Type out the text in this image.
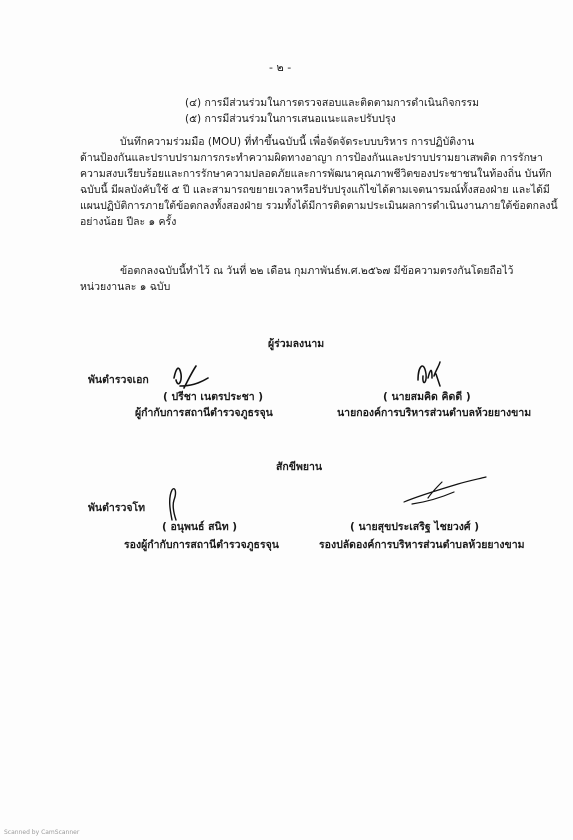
- ๒ -
(๔) การมีส่วนร่วมในการตรวจสอบและติดตามการดำเนินกิจกรรม
(๕) การมีส่วนร่วมในการเสนอแนะและปรับปรุง
บันทึกความร่วมมือ (MOU) ที่ทำขึ้นฉบับนี้ เพื่อจัดจัดระบบบริหาร การปฏิบัติงาน
ด้านป้องกันและปราบปรามการกระทำความผิดทางอาญา การป้องกันและปราบปรามยาเสพติด การรักษา
ความสงบเรียบร้อยและการรักษาความปลอดภัยและการพัฒนาคุณภาพชีวิตของประชาชนในท้องถิ่น บันทึก
ฉบับนี้ มีผลบังคับใช้ ๕ ปี และสามารถขยายเวลาหรือปรับปรุงแก้ไขได้ตามเจตนารมณ์ทั้งสองฝ่าย และได้มี
แผนปฏิบัติการภายใต้ข้อตกลงทั้งสองฝ่าย รวมทั้งได้มีการติดตามประเมินผลการดำเนินงานภายใต้ข้อตกลงนี้
อย่างน้อย ปีละ ๑ ครั้ง
ข้อตกลงฉบับนี้ทำไว้ ณ วันที่ ๒๒ เดือน กุมภาพันธ์พ.ศ.๒๕๖๗ มีข้อความตรงกันโดยถือไว้
หน่วยงานละ ๑ ฉบับ
ผู้ร่วมลงนาม
พันตำรวจเอก
( ปรีชา เนตรประชา )
ผู้กำกับการสถานีตำรวจภูธรจุน
( นายสมคิด คิดดี )
นายกองค์การบริหารส่วนตำบลห้วยยางขาม
สักขีพยาน
พันตำรวจโท
( อนุพนธ์ สนิท )
รองผู้กำกับการสถานีตำรวจภูธรจุน
( นายสุขประเสริฐ ไชยวงศ์ )
รองปลัดองค์การบริหารส่วนตำบลห้วยยางขาม
Scanned by CamScanner
